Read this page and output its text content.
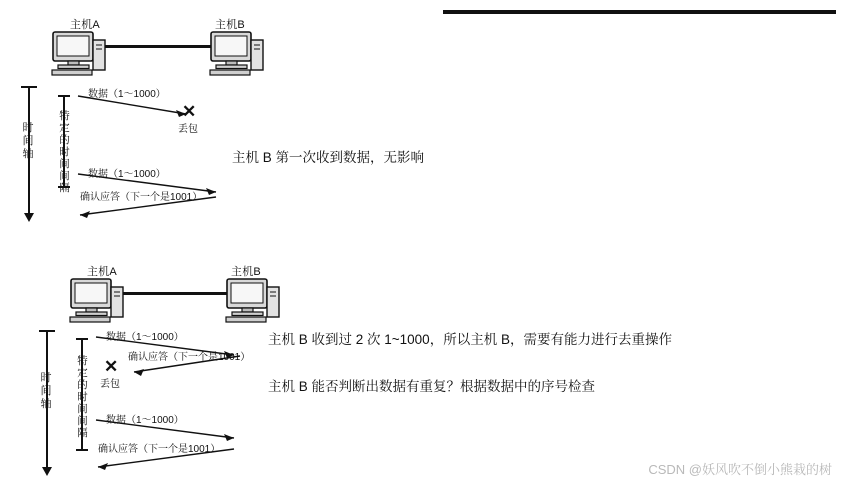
主机A	主机B
时间轴
特定的时间间隔
数据（1～1000）
✕
丢包
数据（1～1000）
确认应答（下一个是1001）
主机 B 第一次收到数据，无影响
主机A	主机B
时间轴
特定的时间间隔
数据（1～1000）
确认应答（下一个是1001）
✕
丢包
数据（1～1000）
确认应答（下一个是1001）
主机 B 收到过 2 次 1~1000，所以主机 B，需要有能力进行去重操作
主机 B 能否判断出数据有重复？根据数据中的序号检查
CSDN @妖风吹不倒小熊栽的树
